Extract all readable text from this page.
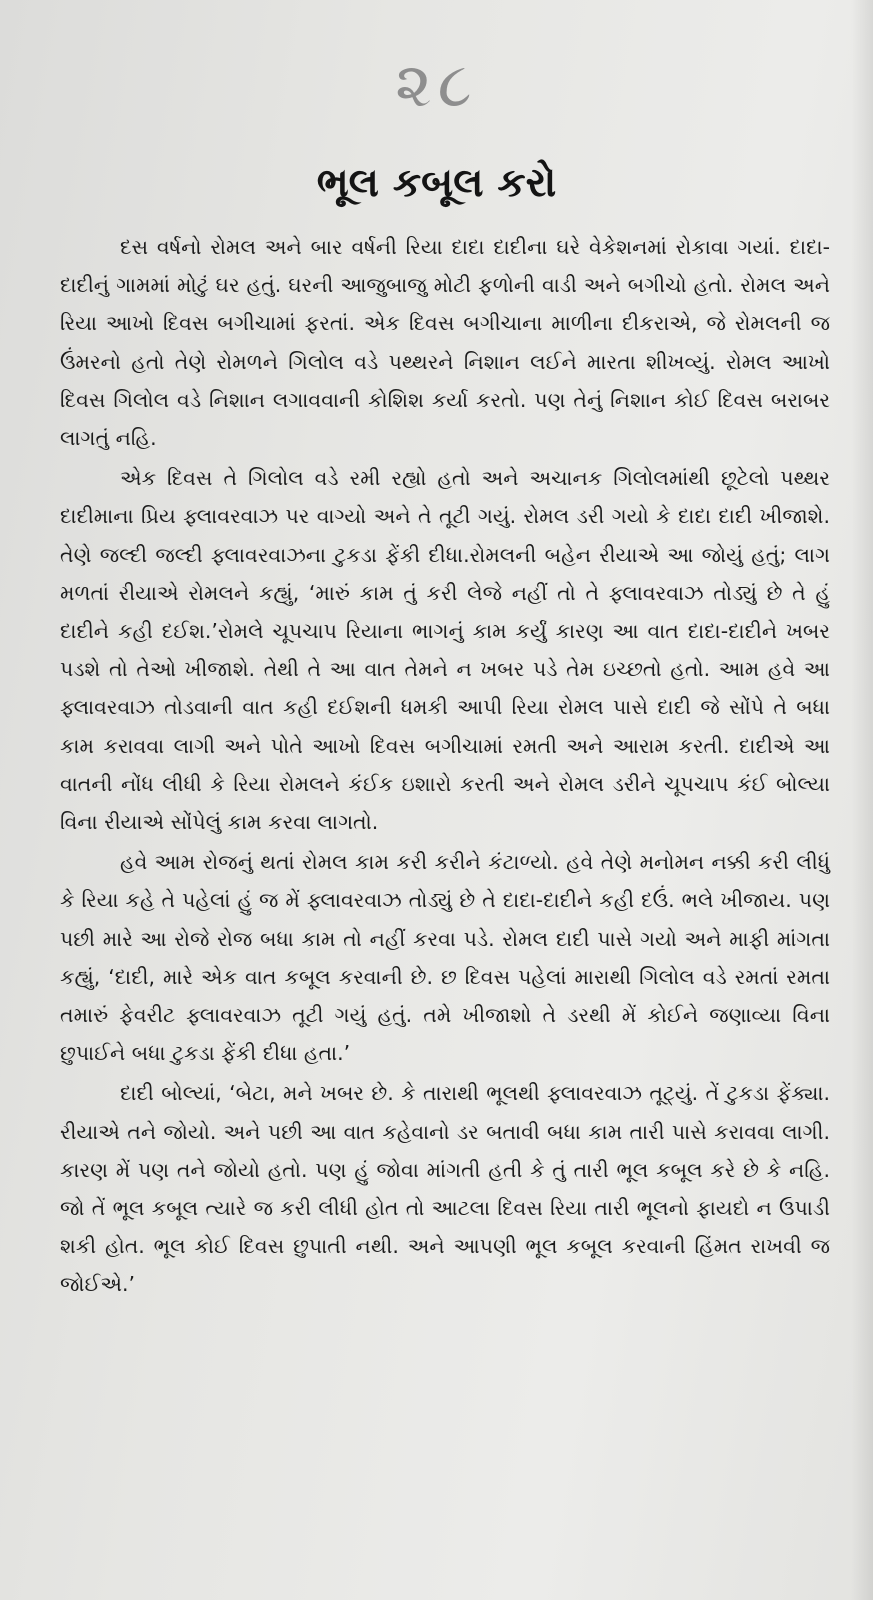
૨૮
ભૂલ કબૂલ કરો

દસ વર્ષનો રોમલ અને બાર વર્ષની રિયા દાદા દાદીના ઘરે વેકેશનમાં રોકાવા ગયાં. દાદા-દાદીનું ગામમાં મોટું ઘર હતું. ઘરની આજુબાજુ મોટી ફળોની વાડી અને બગીચો હતો. રોમલ અને રિયા આખો દિવસ બગીચામાં ફરતાં. એક દિવસ બગીચાના માળીના દીકરાએ, જે રોમલની જ ઉંમરનો હતો તેણે રોમળને ગિલોલ વડે પથ્થરને નિશાન લઈને મારતા શીખવ્યું. રોમલ આખો દિવસ ગિલોલ વડે નિશાન લગાવવાની કોશિશ કર્યા કરતો. પણ તેનું નિશાન કોઈ દિવસ બરાબર લાગતું નહિ.

એક દિવસ તે ગિલોલ વડે રમી રહ્યો હતો અને અચાનક ગિલોલમાંથી છૂટેલો પથ્થર દાદીમાના પ્રિય ફ્લાવરવાઝ પર વાગ્યો અને તે તૂટી ગયું. રોમલ ડરી ગયો કે દાદા દાદી ખીજાશે. તેણે જલ્દી જલ્દી ફ્લાવરવાઝના ટુકડા ફેંકી દીધા.રોમલની બહેન રીયાએ આ જોયું હતું; લાગ મળતાં રીયાએ રોમલને કહ્યું, ‘મારું કામ તું કરી લેજે નહીં તો તે ફ્લાવરવાઝ તોડ્યું છે તે હું દાદીને કહી દઈશ.’રોમલે ચૂપચાપ રિયાના ભાગનું કામ કર્યું કારણ આ વાત દાદા-દાદીને ખબર પડશે તો તેઓ ખીજાશે. તેથી તે આ વાત તેમને ન ખબર પડે તેમ ઇચ્છતો હતો. આમ હવે આ ફ્લાવરવાઝ તોડવાની વાત કહી દઈશની ધમકી આપી રિયા રોમલ પાસે દાદી જે સોંપે તે બધા કામ કરાવવા લાગી અને પોતે આખો દિવસ બગીચામાં રમતી અને આરામ કરતી. દાદીએ આ વાતની નોંધ લીધી કે રિયા રોમલને કંઈક ઇશારો કરતી અને રોમલ ડરીને ચૂપચાપ કંઈ બોલ્યા વિના રીયાએ સોંપેલું કામ કરવા લાગતો.

હવે આમ રોજનું થતાં રોમલ કામ કરી કરીને કંટાળ્યો. હવે તેણે મનોમન નક્કી કરી લીધું કે રિયા કહે તે પહેલાં હું જ મેં ફ્લાવરવાઝ તોડ્યું છે તે દાદા-દાદીને કહી દઉં. ભલે ખીજાય. પણ પછી મારે આ રોજે રોજ બધા કામ તો નહીં કરવા પડે. રોમલ દાદી પાસે ગયો અને માફી માંગતા કહ્યું, ‘દાદી, મારે એક વાત કબૂલ કરવાની છે. છ દિવસ પહેલાં મારાથી ગિલોલ વડે રમતાં રમતા તમારું ફેવરીટ ફ્લાવરવાઝ તૂટી ગયું હતું. તમે ખીજાશો તે ડરથી મેં કોઈને જણાવ્યા વિના છુપાઈને બધા ટુકડા ફેંકી દીધા હતા.’

દાદી બોલ્યાં, ‘બેટા, મને ખબર છે. કે તારાથી ભૂલથી ફ્લાવરવાઝ તૂટ્યું. તેં ટુકડા ફેંક્યા. રીયાએ તને જોયો. અને પછી આ વાત કહેવાનો ડર બતાવી બધા કામ તારી પાસે કરાવવા લાગી. કારણ મેં પણ તને જોયો હતો. પણ હું જોવા માંગતી હતી કે તું તારી ભૂલ કબૂલ કરે છે કે નહિ. જો તેં ભૂલ કબૂલ ત્યારે જ કરી લીધી હોત તો આટલા દિવસ રિયા તારી ભૂલનો ફાયદો ન ઉપાડી શકી હોત. ભૂલ કોઈ દિવસ છુપાતી નથી. અને આપણી ભૂલ કબૂલ કરવાની હિંમત રાખવી જ જોઈએ.’
